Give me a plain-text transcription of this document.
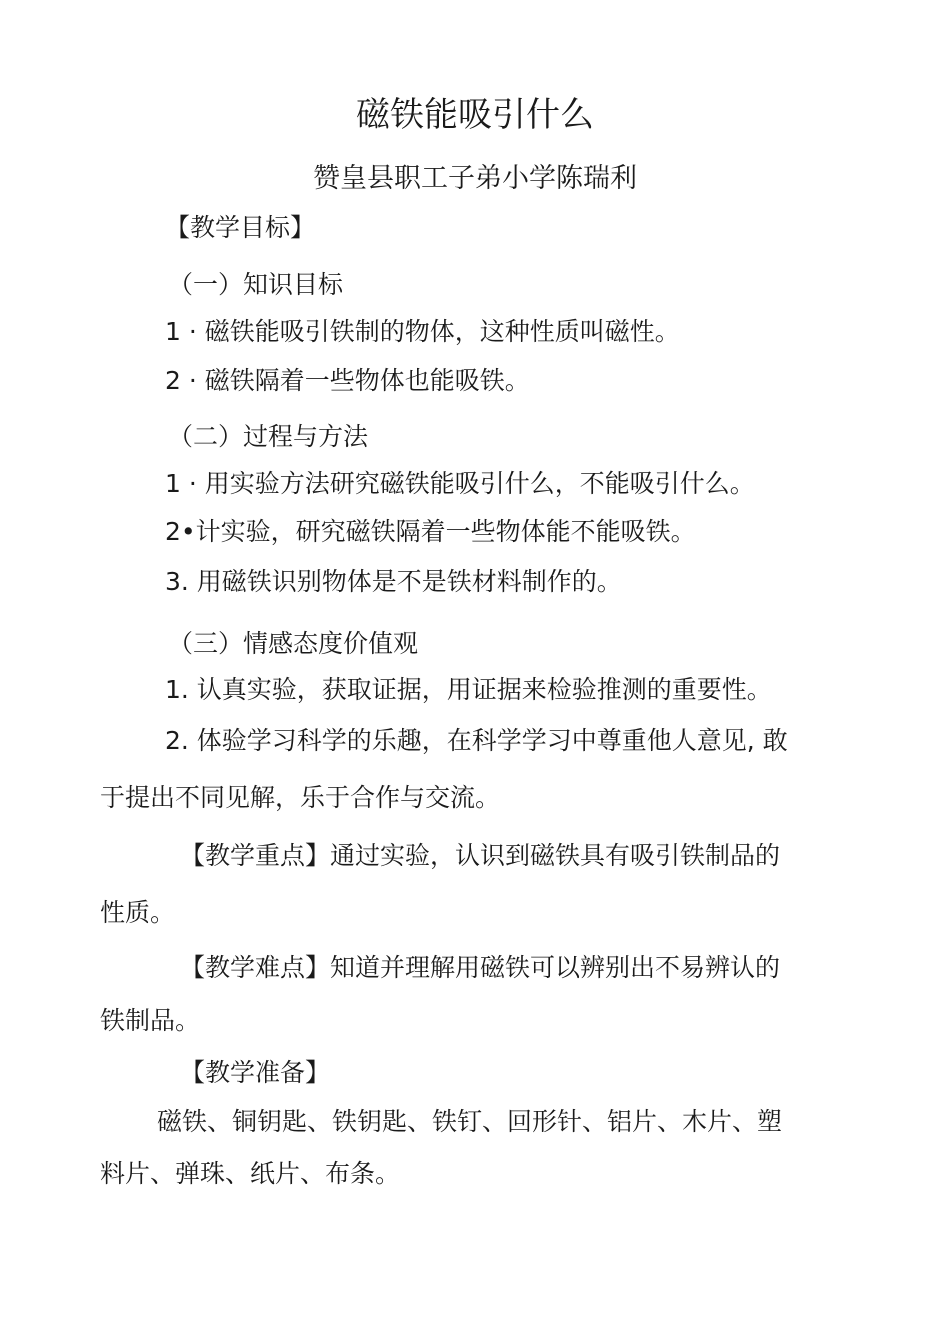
磁铁能吸引什么
赞皇县职工子弟小学陈瑞利
【教学目标】
（一）知识目标
1 · 磁铁能吸引铁制的物体，这种性质叫磁性。
2 · 磁铁隔着一些物体也能吸铁。
（二）过程与方法
1 · 用实验方法研究磁铁能吸引什么，不能吸引什么。
2•计实验，研究磁铁隔着一些物体能不能吸铁。
3. 用磁铁识别物体是不是铁材料制作的。
（三）情感态度价值观
1. 认真实验，获取证据，用证据来检验推测的重要性。
2. 体验学习科学的乐趣，在科学学习中尊重他人意见, 敢
于提出不同见解，乐于合作与交流。
【教学重点】通过实验，认识到磁铁具有吸引铁制品的
性质。
【教学难点】知道并理解用磁铁可以辨别出不易辨认的
铁制品。
【教学准备】
磁铁、铜钥匙、铁钥匙、铁钉、回形针、铝片、木片、塑
料片、弹珠、纸片、布条。
